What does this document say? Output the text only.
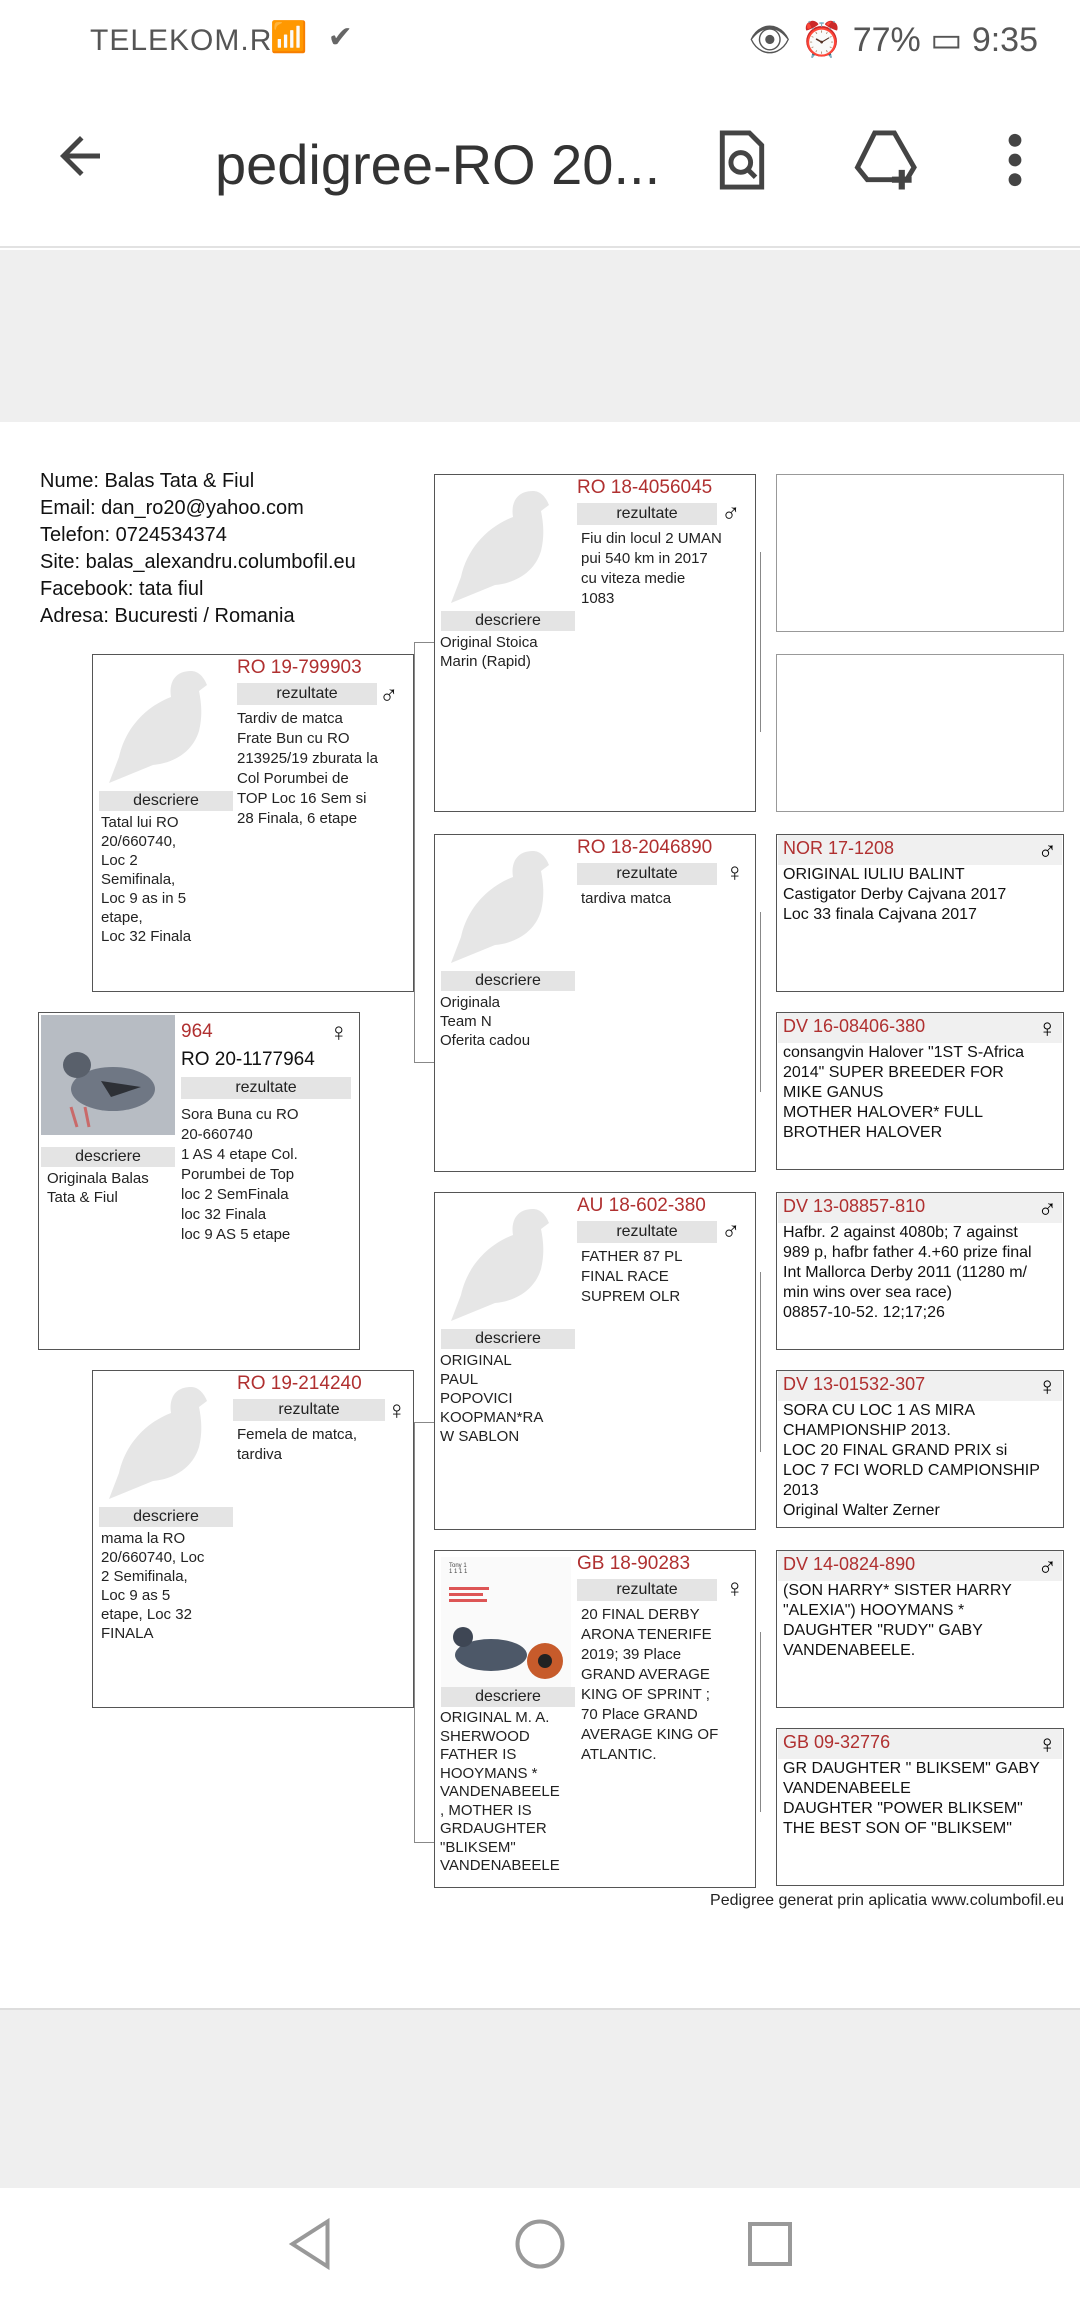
TELEKOM.RO
📶 ✔	👁 ⏰ 77% ▭ 9:35
pedigree-RO 20...
Nume: Balas Tata & Fiul
Email: dan_ro20@yahoo.com
Telefon: 0724534374
Site: balas_alexandru.columbofil.eu
Facebook: tata fiul
Adresa: Bucuresti / Romania
descriere
Originala Balas
Tata & Fiul
964	♀
RO 20-1177964
rezultate
Sora Buna cu RO
20-660740
1 AS 4 etape Col.
Porumbei de Top
loc 2 SemFinala
loc 32 Finala
loc 9 AS 5 etape
descriere
Tatal lui RO
20/660740,
Loc 2
Semifinala,
Loc 9 as in 5
etape,
Loc 32 Finala
RO 19-799903
rezultate	♂
Tardiv de matca
Frate Bun cu RO
213925/19 zburata la
Col Porumbei de
TOP Loc 16 Sem si
28 Finala, 6 etape
descriere
mama la RO
20/660740, Loc
2 Semifinala,
Loc 9 as 5
etape, Loc 32
FINALA
RO 19-214240
rezultate	♀
Femela de matca,
tardiva
descriere
Original Stoica
Marin (Rapid)
RO 18-4056045
rezultate	♂
Fiu din locul 2 UMAN
pui 540 km in 2017
cu viteza medie
1083
descriere
Originala
Team N
Oferita cadou
RO 18-2046890
rezultate	♀
tardiva matca
descriere
ORIGINAL
PAUL
POPOVICI
KOOPMAN*RA
W SABLON
AU 18-602-380
rezultate	♂
FATHER 87 PL
FINAL RACE
SUPREM OLR
Tony 1
1 1 1 1
descriere
ORIGINAL M. A.
SHERWOOD
FATHER IS
HOOYMANS *
VANDENABEELE
, MOTHER IS
GRDAUGHTER
"BLIKSEM"
VANDENABEELE
GB 18-90283
rezultate	♀
20 FINAL DERBY
ARONA TENERIFE
2019; 39 Place
GRAND AVERAGE
KING OF SPRINT ;
70 Place GRAND
AVERAGE KING OF
ATLANTIC.
NOR 17-1208	♂
ORIGINAL IULIU BALINT
Castigator Derby Cajvana 2017
Loc 33 finala Cajvana 2017
DV 16-08406-380	♀
consangvin Halover "1ST S-Africa
2014" SUPER BREEDER FOR
MIKE GANUS
MOTHER HALOVER* FULL
BROTHER HALOVER
DV 13-08857-810	♂
Hafbr. 2 against 4080b; 7 against
989 p, hafbr father 4.+60 prize final
Int Mallorca Derby 2011 (11280 m/
min wins over sea race)
08857-10-52. 12;17;26
DV 13-01532-307	♀
SORA CU LOC 1 AS MIRA
CHAMPIONSHIP 2013.
LOC 20 FINAL GRAND PRIX si
LOC 7 FCI WORLD CAMPIONSHIP
2013
Original Walter Zerner
DV 14-0824-890	♂
(SON HARRY* SISTER HARRY
"ALEXIA") HOOYMANS *
DAUGHTER "RUDY" GABY
VANDENABEELE.
GB 09-32776	♀
GR DAUGHTER " BLIKSEM" GABY
VANDENABEELE
DAUGHTER "POWER BLIKSEM"
THE BEST SON OF "BLIKSEM"
Pedigree generat prin aplicatia www.columbofil.eu
